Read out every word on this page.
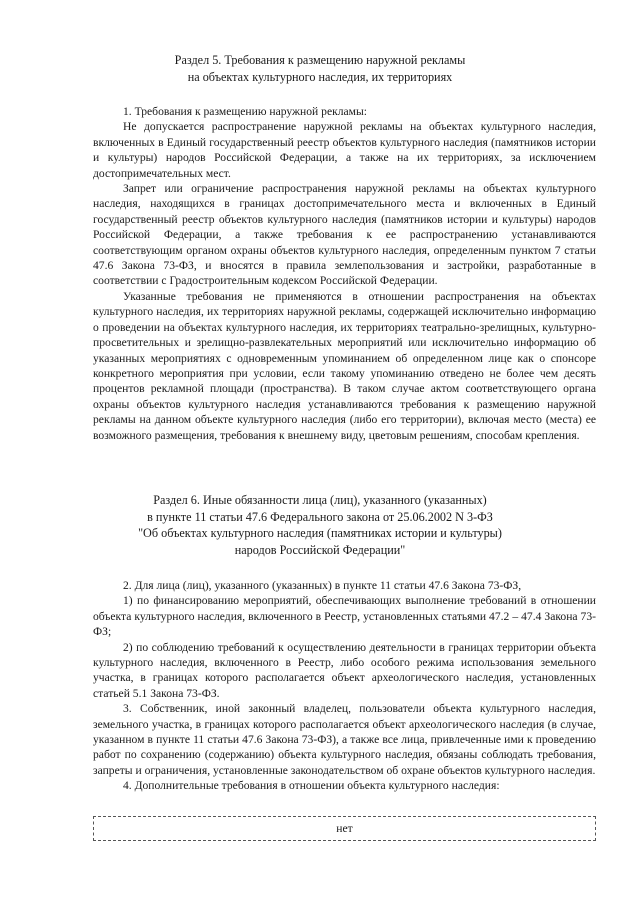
Раздел 5. Требования к размещению наружной рекламы
на объектах культурного наследия, их территориях

1. Требования к размещению наружной рекламы:

Не допускается распространение наружной рекламы на объектах культурного наследия, включенных в Единый государственный реестр объектов культурного наследия (памятников истории и культуры) народов Российской Федерации, а также на их территориях, за исключением достопримечательных мест.

Запрет или ограничение распространения наружной рекламы на объектах культурного наследия, находящихся в границах достопримечательного места и включенных в Единый государственный реестр объектов культурного наследия (памятников истории и культуры) народов Российской Федерации, а также требования к ее распространению устанавливаются соответствующим органом охраны объектов культурного наследия, определенным пунктом 7 статьи 47.6 Закона 73-ФЗ, и вносятся в правила землепользования и застройки, разработанные в соответствии с Градостроительным кодексом Российской Федерации.

Указанные требования не применяются в отношении распространения на объектах культурного наследия, их территориях наружной рекламы, содержащей исключительно информацию о проведении на объектах культурного наследия, их территориях театрально-зрелищных, культурно-просветительных и зрелищно-развлекательных мероприятий или исключительно информацию об указанных мероприятиях с одновременным упоминанием об определенном лице как о спонсоре конкретного мероприятия при условии, если такому упоминанию отведено не более чем десять процентов рекламной площади (пространства). В таком случае актом соответствующего органа охраны объектов культурного наследия устанавливаются требования к размещению наружной рекламы на данном объекте культурного наследия (либо его территории), включая место (места) ее возможного размещения, требования к внешнему виду, цветовым решениям, способам крепления.

Раздел 6. Иные обязанности лица (лиц), указанного (указанных)
в пункте 11 статьи 47.6 Федерального закона от 25.06.2002 N 3-ФЗ
"Об объектах культурного наследия (памятниках истории и культуры)
народов Российской Федерации"

2. Для лица (лиц), указанного (указанных) в пункте 11 статьи 47.6 Закона 73-ФЗ,

1) по финансированию мероприятий, обеспечивающих выполнение требований в отношении объекта культурного наследия, включенного в Реестр, установленных статьями 47.2 – 47.4 Закона 73-ФЗ;

2) по соблюдению требований к осуществлению деятельности в границах территории объекта культурного наследия, включенного в Реестр, либо особого режима использования земельного участка, в границах которого располагается объект археологического наследия, установленных статьей 5.1 Закона 73-ФЗ.

3. Собственник, иной законный владелец, пользователи объекта культурного наследия, земельного участка, в границах которого располагается объект археологического наследия (в случае, указанном в пункте 11 статьи 47.6 Закона 73-ФЗ), а также все лица, привлеченные ими к проведению работ по сохранению (содержанию) объекта культурного наследия, обязаны соблюдать требования, запреты и ограничения, установленные законодательством об охране объектов культурного наследия.

4. Дополнительные требования в отношении объекта культурного наследия:

нет
